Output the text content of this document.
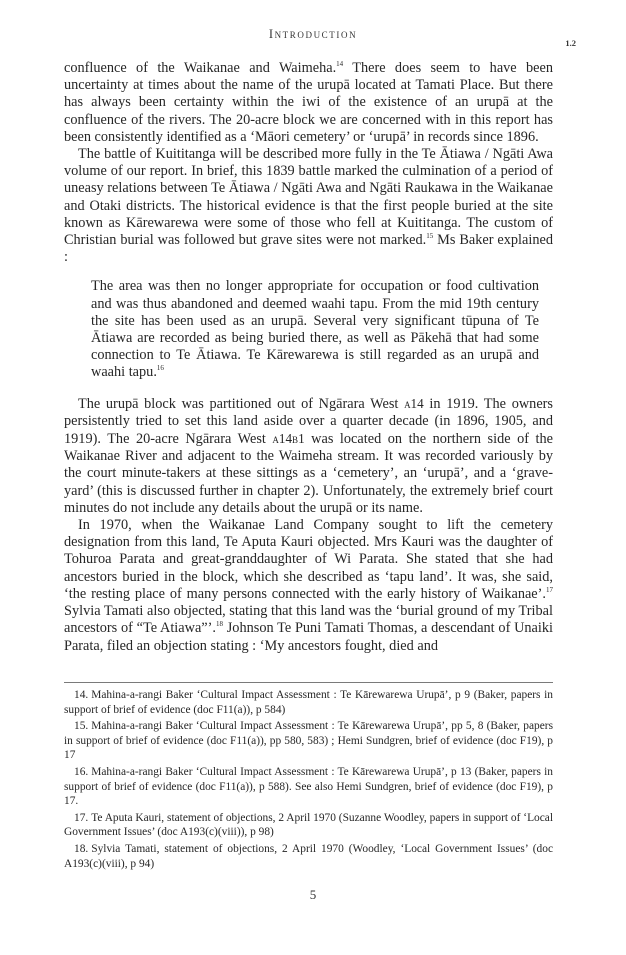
Introduction
1.2

confluence of the Waikanae and Waimeha.$^{14}$ There does seem to have been uncertainty at times about the name of the urupā located at Tamati Place. But there has always been certainty within the iwi of the existence of an urupā at the confluence of the rivers. The 20-acre block we are concerned with in this report has been consistently identified as a ‘Māori cemetery’ or ‘urupā’ in records since 1896.

The battle of Kuititanga will be described more fully in the Te Ātiawa / Ngāti Awa volume of our report. In brief, this 1839 battle marked the culmination of a period of uneasy relations between Te Ātiawa / Ngāti Awa and Ngāti Raukawa in the Waikanae and Otaki districts. The historical evidence is that the first people buried at the site known as Kārewarewa were some of those who fell at Kuititanga. The custom of Christian burial was followed but grave sites were not marked.$^{15}$ Ms Baker explained :

The area was then no longer appropriate for occupation or food cultivation and was thus abandoned and deemed waahi tapu. From the mid 19th century the site has been used as an urupā. Several very significant tūpuna of Te Ātiawa are recorded as being buried there, as well as Pākehā that had some connection to Te Ātiawa. Te Kārewarewa is still regarded as an urupā and waahi tapu.$^{16}$

The urupā block was partitioned out of Ngārara West a14 in 1919. The owners persistently tried to set this land aside over a quarter decade (in 1896, 1905, and 1919). The 20-acre Ngārara West a14b1 was located on the northern side of the Waikanae River and adjacent to the Waimeha stream. It was recorded variously by the court minute-takers at these sittings as a ‘cemetery’, an ‘urupā’, and a ‘grave-yard’ (this is discussed further in chapter 2). Unfortunately, the extremely brief court minutes do not include any details about the urupā or its name.

In 1970, when the Waikanae Land Company sought to lift the cemetery designation from this land, Te Aputa Kauri objected. Mrs Kauri was the daughter of Tohuroa Parata and great-granddaughter of Wi Parata. She stated that she had ancestors buried in the block, which she described as ‘tapu land’. It was, she said, ‘the resting place of many persons connected with the early history of Waikanae’.$^{17}$ Sylvia Tamati also objected, stating that this land was the ‘burial ground of my Tribal ancestors of “Te Atiawa”’.$^{18}$ Johnson Te Puni Tamati Thomas, a descendant of Unaiki Parata, filed an objection stating : ‘My ancestors fought, died and

14. Mahina-a-rangi Baker ‘Cultural Impact Assessment : Te Kārewarewa Urupā’, p 9 (Baker, papers in support of brief of evidence (doc F11(a)), p 584)

15. Mahina-a-rangi Baker ‘Cultural Impact Assessment : Te Kārewarewa Urupā’, pp 5, 8 (Baker, papers in support of brief of evidence (doc F11(a)), pp 580, 583) ; Hemi Sundgren, brief of evidence (doc F19), p 17

16. Mahina-a-rangi Baker ‘Cultural Impact Assessment : Te Kārewarewa Urupā’, p 13 (Baker, papers in support of brief of evidence (doc F11(a)), p 588). See also Hemi Sundgren, brief of evidence (doc F19), p 17.

17. Te Aputa Kauri, statement of objections, 2 April 1970 (Suzanne Woodley, papers in support of ‘Local Government Issues’ (doc A193(c)(viii)), p 98)

18. Sylvia Tamati, statement of objections, 2 April 1970 (Woodley, ‘Local Government Issues’ (doc A193(c)(viii), p 94)

5
